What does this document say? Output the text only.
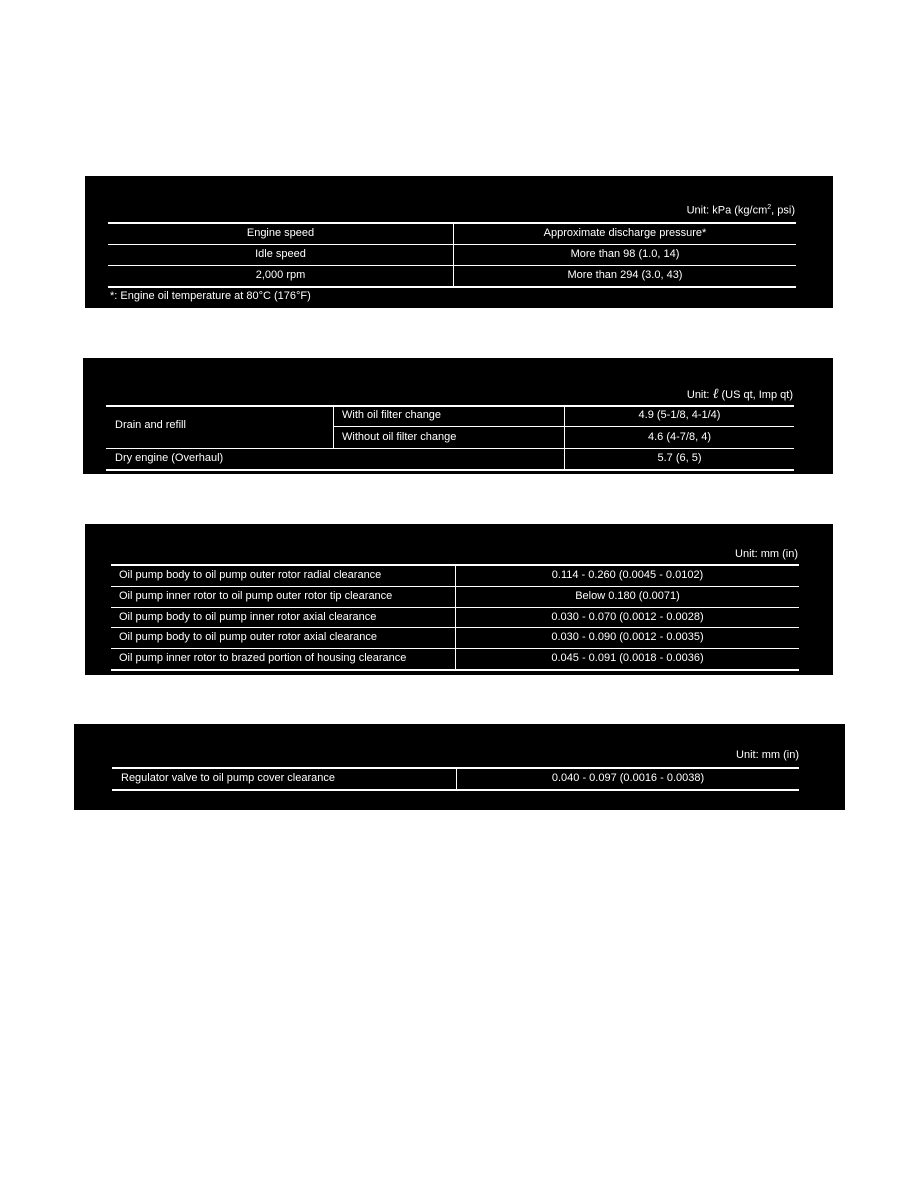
Unit: kPa ($kg/cm^2$, psi)
Engine speed	Approximate discharge pressure*
Idle speed	More than 98 (1.0, 14)
2,000 rpm	More than 294 (3.0, 43)
*: Engine oil temperature at 80°C (176°F)
Unit: ℓ (US qt, Imp qt)
Drain and refill
With oil filter change	4.9 (5-1/8, 4-1/4)
Without oil filter change	4.6 (4-7/8, 4)
Dry engine (Overhaul)	5.7 (6, 5)
Unit: mm (in)
Oil pump body to oil pump outer rotor radial clearance	0.114 - 0.260 (0.0045 - 0.0102)
Oil pump inner rotor to oil pump outer rotor tip clearance	Below 0.180 (0.0071)
Oil pump body to oil pump inner rotor axial clearance	0.030 - 0.070 (0.0012 - 0.0028)
Oil pump body to oil pump outer rotor axial clearance	0.030 - 0.090 (0.0012 - 0.0035)
Oil pump inner rotor to brazed portion of housing clearance	0.045 - 0.091 (0.0018 - 0.0036)
Unit: mm (in)
Regulator valve to oil pump cover clearance	0.040 - 0.097 (0.0016 - 0.0038)
